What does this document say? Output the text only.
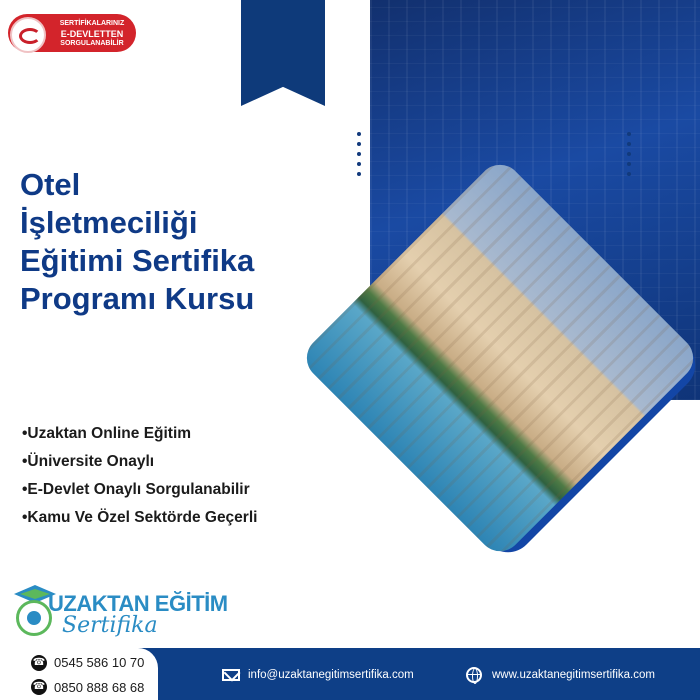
SERTİFİKALARINIZ
E-DEVLETTEN
SORGULANABİLİR
Otel
İşletmeciliği
Eğitimi Sertifika
Programı Kursu
•Uzaktan Online Eğitim
•Üniversite Onaylı
•E-Devlet Onaylı Sorgulanabilir
•Kamu Ve Özel Sektörde Geçerli
UZAKTAN EĞİTİM
Sertifika
☎ 0545 586 10 70
☎ 0850 888 68 68
info@uzaktanegitimsertifika.com	www.uzaktanegitimsertifika.com
